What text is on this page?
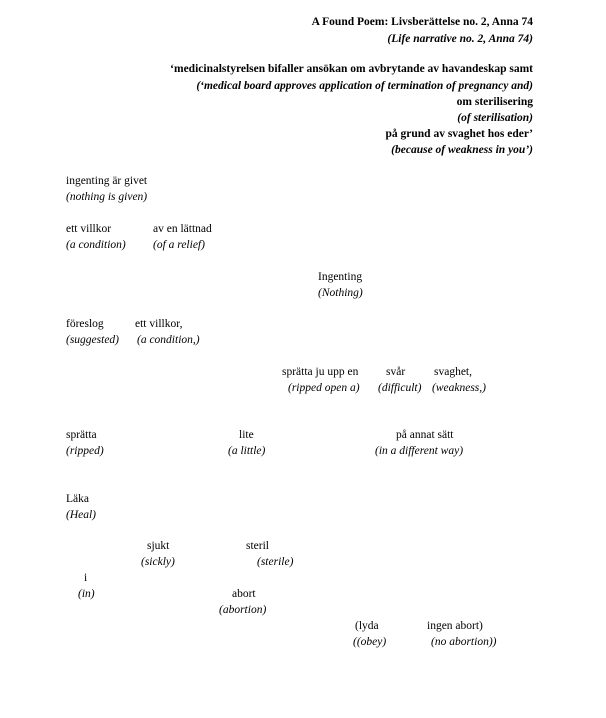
A Found Poem: Livsberättelse no. 2, Anna 74
(Life narrative no. 2, Anna 74)
‘medicinalstyrelsen bifaller ansökan om avbrytande av havandeskap samt
(‘medical board approves application of termination of pregnancy and)
om sterilisering
(of sterilisation)
på grund av svaghet hos eder’
(because of weakness in you’)
ingenting är givet
(nothing is given)
ett villkor
(a condition)
av en lättnad
(of a relief)
Ingenting
(Nothing)
föreslog
(suggested)
ett villkor,
(a condition,)
sprätta ju upp en
(ripped open a)
svår
(difficult)
svaghet,
(weakness,)
sprätta
(ripped)
lite
(a little)
på annat sätt
(in a different way)
Läka
(Heal)
sjukt
(sickly)
steril
(sterile)
i
(in)	abort
(abortion)
(lyda
((obey)
ingen abort)
(no abortion))
